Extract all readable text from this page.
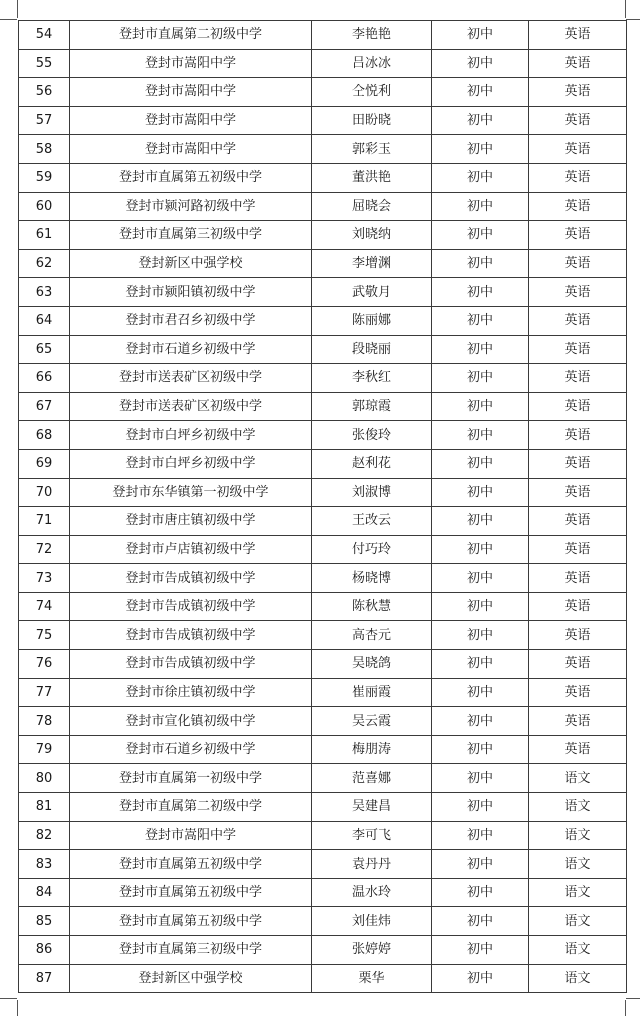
54	登封市直属第二初级中学	李艳艳	初中	英语
55	登封市嵩阳中学	吕冰冰	初中	英语
56	登封市嵩阳中学	仝悦利	初中	英语
57	登封市嵩阳中学	田盼晓	初中	英语
58	登封市嵩阳中学	郭彩玉	初中	英语
59	登封市直属第五初级中学	董洪艳	初中	英语
60	登封市颍河路初级中学	屈晓会	初中	英语
61	登封市直属第三初级中学	刘晓纳	初中	英语
62	登封新区中强学校	李增渊	初中	英语
63	登封市颍阳镇初级中学	武敬月	初中	英语
64	登封市君召乡初级中学	陈丽娜	初中	英语
65	登封市石道乡初级中学	段晓丽	初中	英语
66	登封市送表矿区初级中学	李秋红	初中	英语
67	登封市送表矿区初级中学	郭琼霞	初中	英语
68	登封市白坪乡初级中学	张俊玲	初中	英语
69	登封市白坪乡初级中学	赵利花	初中	英语
70	登封市东华镇第一初级中学	刘淑博	初中	英语
71	登封市唐庄镇初级中学	王改云	初中	英语
72	登封市卢店镇初级中学	付巧玲	初中	英语
73	登封市告成镇初级中学	杨晓博	初中	英语
74	登封市告成镇初级中学	陈秋慧	初中	英语
75	登封市告成镇初级中学	高杏元	初中	英语
76	登封市告成镇初级中学	吴晓鸽	初中	英语
77	登封市徐庄镇初级中学	崔丽霞	初中	英语
78	登封市宣化镇初级中学	吴云霞	初中	英语
79	登封市石道乡初级中学	梅朋涛	初中	英语
80	登封市直属第一初级中学	范喜娜	初中	语文
81	登封市直属第二初级中学	吴建昌	初中	语文
82	登封市嵩阳中学	李可飞	初中	语文
83	登封市直属第五初级中学	袁丹丹	初中	语文
84	登封市直属第五初级中学	温水玲	初中	语文
85	登封市直属第五初级中学	刘佳炜	初中	语文
86	登封市直属第三初级中学	张婷婷	初中	语文
87	登封新区中强学校	栗华	初中	语文
